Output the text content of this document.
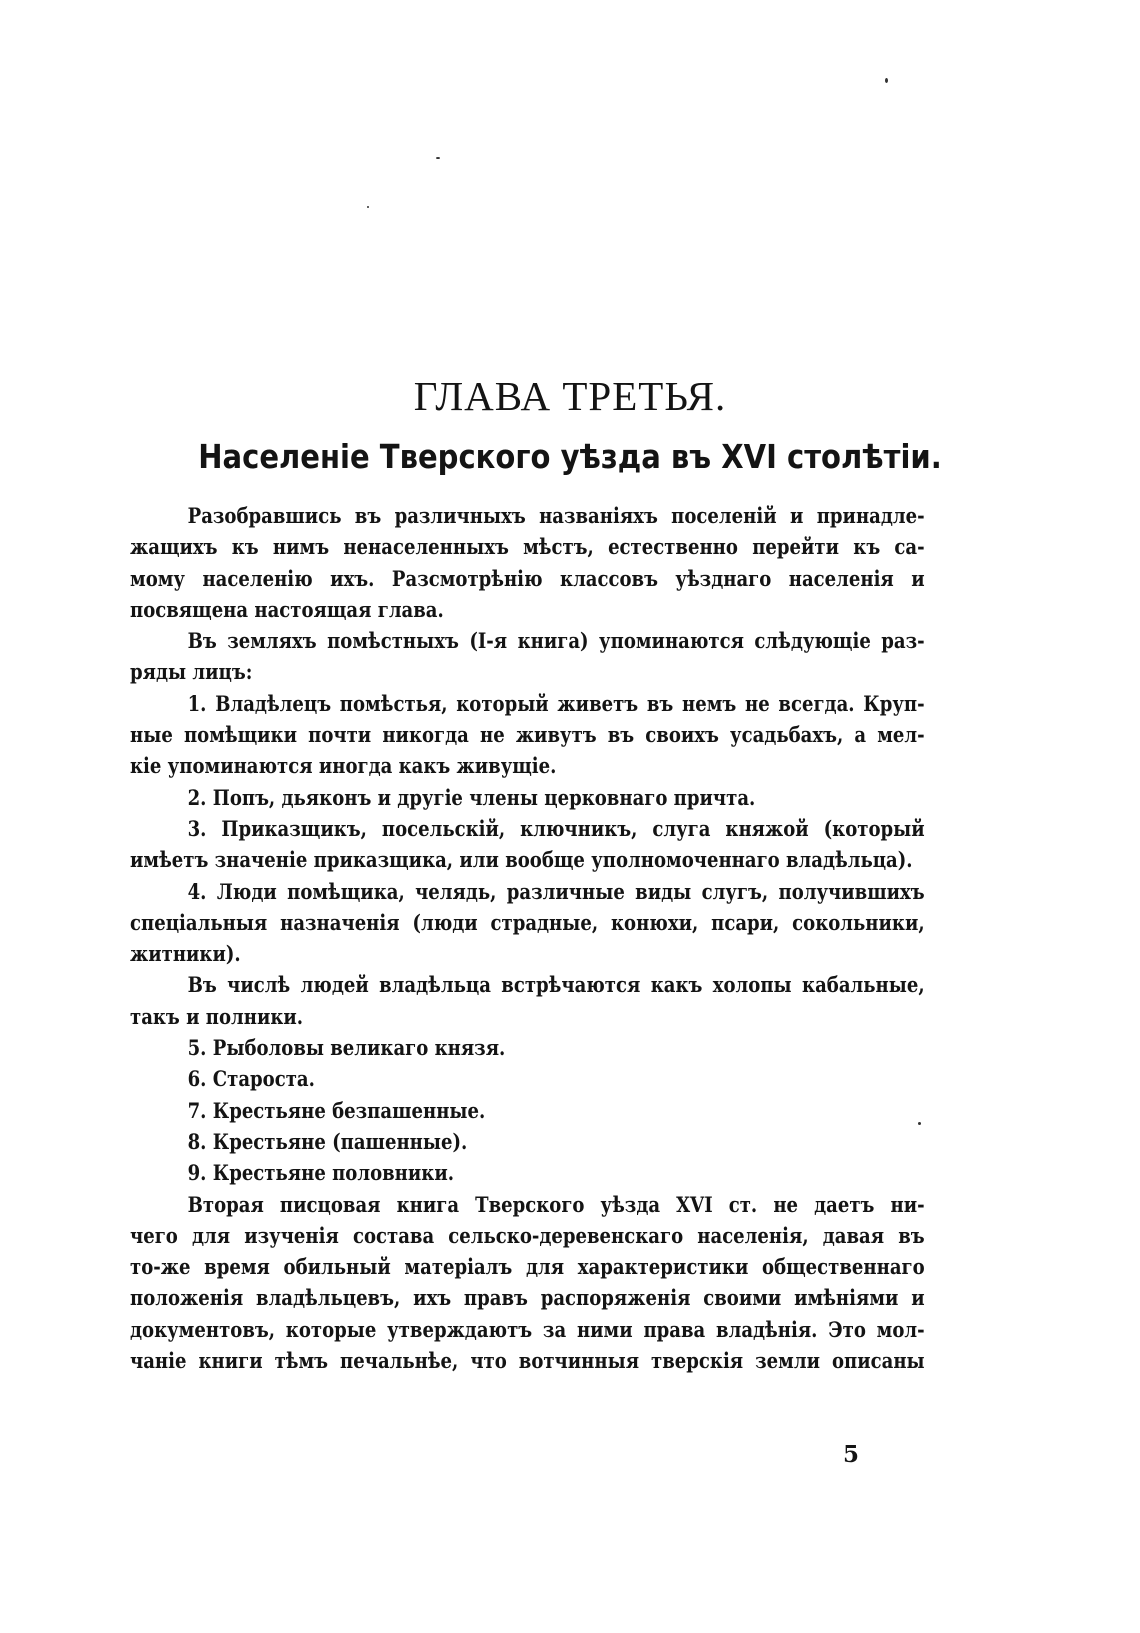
ГЛАВА ТРЕТЬЯ.
Населеніе Тверского уѣзда въ XVI столѣтіи.
Разобравшись въ различныхъ названіяхъ поселеній и принадле-
жащихъ къ нимъ ненаселенныхъ мѣстъ, естественно перейти къ са-
мому населенію ихъ. Разсмотрѣнію классовъ уѣзднаго населенія и
посвящена настоящая глава.
Въ земляхъ помѣстныхъ (І-я книга) упоминаются слѣдующіе раз-
ряды лицъ:
1. Владѣлецъ помѣстья, который живетъ въ немъ не всегда. Круп-
ные помѣщики почти никогда не живутъ въ своихъ усадьбахъ, а мел-
кіе упоминаются иногда какъ живущіе.
2. Попъ, дьяконъ и другіе члены церковнаго причта.
3. Приказщикъ, посельскій, ключникъ, слуга княжой (который
имѣетъ значеніе приказщика, или вообще уполномоченнаго владѣльца).
4. Люди помѣщика, челядь, различные виды слугъ, получившихъ
спеціальныя назначенія (люди страдные, конюхи, псари, сокольники,
житники).
Въ числѣ людей владѣльца встрѣчаются какъ холопы кабальные,
такъ и полники.
5. Рыболовы великаго князя.
6. Староста.
7. Крестьяне безпашенные.
8. Крестьяне (пашенные).
9. Крестьяне половники.
Вторая писцовая книга Тверского уѣзда XVI ст. не даетъ ни-
чего для изученія состава сельско-деревенскаго населенія, давая въ
то-же время обильный матеріалъ для характеристики общественнаго
положенія владѣльцевъ, ихъ правъ распоряженія своими имѣніями и
документовъ, которые утверждаютъ за ними права владѣнія. Это мол-
чаніе книги тѣмъ печальнѣе, что вотчинныя тверскія земли описаны
5
